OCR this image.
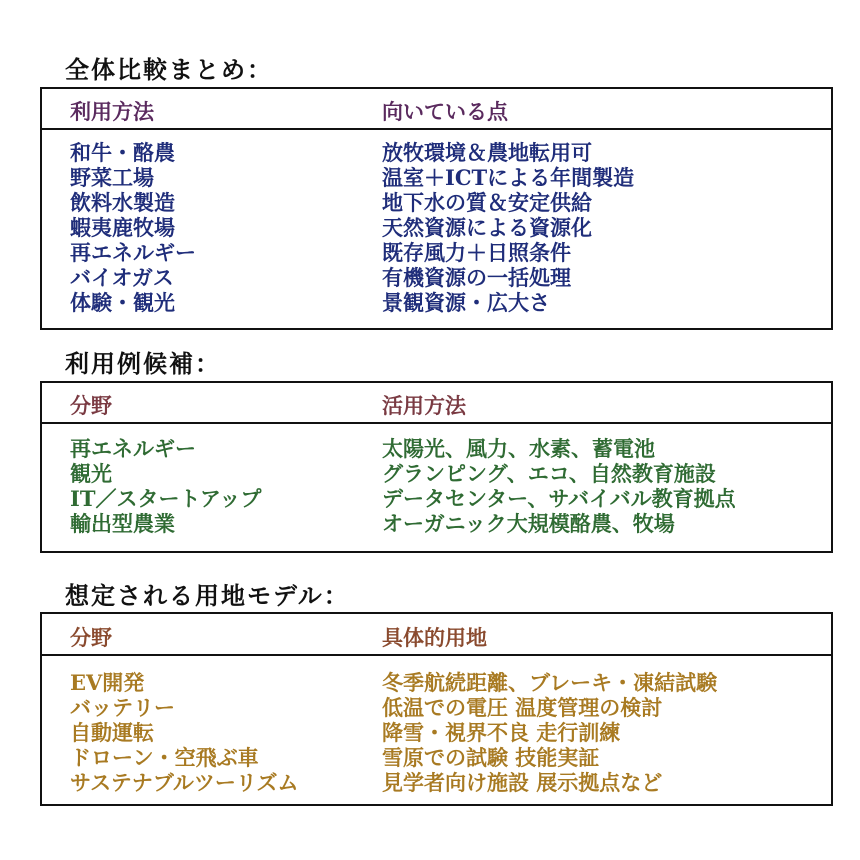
全体比較まとめ：
利用方法	向いている点
和牛・酪農	放牧環境＆農地転用可
野菜工場	温室＋ICTによる年間製造
飲料水製造	地下水の質＆安定供給
蝦夷鹿牧場	天然資源による資源化
再エネルギー	既存風力＋日照条件
バイオガス	有機資源の一括処理
体験・観光	景観資源・広大さ
利用例候補：
分野	活用方法
再エネルギー	太陽光、風力、水素、蓄電池
観光	グランピング、エコ、自然教育施設
IT／スタートアップ	データセンター、サバイバル教育拠点
輸出型農業	オーガニック大規模酪農、牧場
想定される用地モデル：
分野	具体的用地
EV開発	冬季航続距離、ブレーキ・凍結試験
バッテリー	低温での電圧 温度管理の検討
自動運転	降雪・視界不良 走行訓練
ドローン・空飛ぶ車	雪原での試験 技能実証
サステナブルツーリズム	見学者向け施設 展示拠点など
